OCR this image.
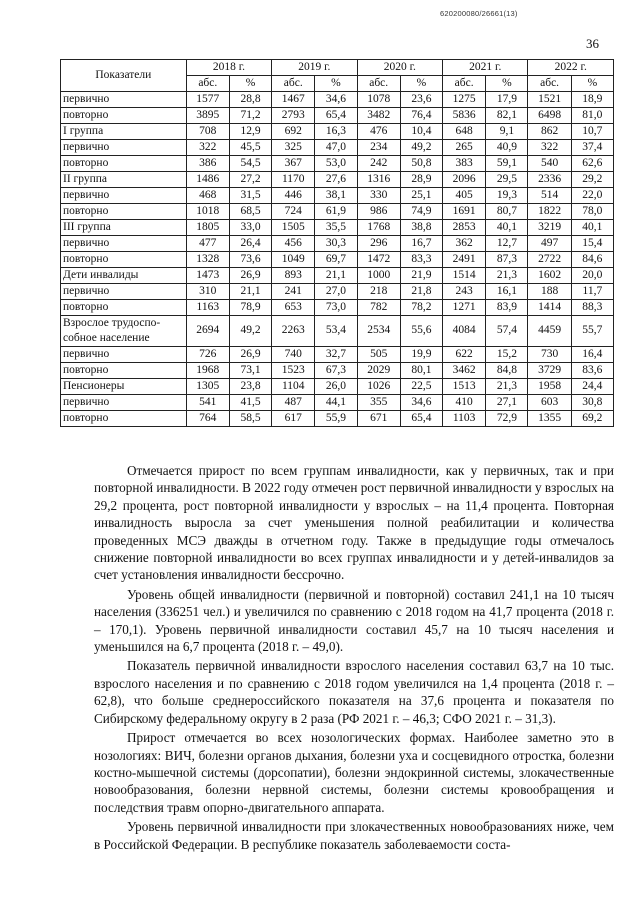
620200080/26661(13)
36
Показатели	2018 г.		2019 г.		2020 г.		2021 г.		2022 г.	
	абс.	%	абс.	%	абс.	%	абс.	%	абс.	%
первично	1577	28,8	1467	34,6	1078	23,6	1275	17,9	1521	18,9
повторно	3895	71,2	2793	65,4	3482	76,4	5836	82,1	6498	81,0
I группа	708	12,9	692	16,3	476	10,4	648	9,1	862	10,7
первично	322	45,5	325	47,0	234	49,2	265	40,9	322	37,4
повторно	386	54,5	367	53,0	242	50,8	383	59,1	540	62,6
II группа	1486	27,2	1170	27,6	1316	28,9	2096	29,5	2336	29,2
первично	468	31,5	446	38,1	330	25,1	405	19,3	514	22,0
повторно	1018	68,5	724	61,9	986	74,9	1691	80,7	1822	78,0
III группа	1805	33,0	1505	35,5	1768	38,8	2853	40,1	3219	40,1
первично	477	26,4	456	30,3	296	16,7	362	12,7	497	15,4
повторно	1328	73,6	1049	69,7	1472	83,3	2491	87,3	2722	84,6
Дети инвалиды	1473	26,9	893	21,1	1000	21,9	1514	21,3	1602	20,0
первично	310	21,1	241	27,0	218	21,8	243	16,1	188	11,7
повторно	1163	78,9	653	73,0	782	78,2	1271	83,9	1414	88,3
Взрослое трудоспо-собное население	2694	49,2	2263	53,4	2534	55,6	4084	57,4	4459	55,7
первично	726	26,9	740	32,7	505	19,9	622	15,2	730	16,4
повторно	1968	73,1	1523	67,3	2029	80,1	3462	84,8	3729	83,6
Пенсионеры	1305	23,8	1104	26,0	1026	22,5	1513	21,3	1958	24,4
первично	541	41,5	487	44,1	355	34,6	410	27,1	603	30,8
повторно	764	58,5	617	55,9	671	65,4	1103	72,9	1355	69,2

Отмечается прирост по всем группам инвалидности, как у первичных, так и при повторной инвалидности. В 2022 году отмечен рост первичной инвалидности у взрослых на 29,2 процента, рост повторной инвалидности у взрослых – на 11,4 процента. Повторная инвалидность выросла за счет уменьшения полной реабилитации и количества проведенных МСЭ дважды в отчетном году. Также в предыдущие годы отмечалось снижение повторной инвалидности во всех группах инвалидности и у детей-инвалидов за счет установления инвалидности бессрочно.

Уровень общей инвалидности (первичной и повторной) составил 241,1 на 10 тысяч населения (336251 чел.) и увеличился по сравнению с 2018 годом на 41,7 процента (2018 г. – 170,1). Уровень первичной инвалидности составил 45,7 на 10 тысяч населения и уменьшился на 6,7 процента (2018 г. – 49,0).

Показатель первичной инвалидности взрослого населения составил 63,7 на 10 тыс. взрослого населения и по сравнению с 2018 годом увеличился на 1,4 процента (2018 г. – 62,8), что больше среднероссийского показателя на 37,6 процента и показателя по Сибирскому федеральному округу в 2 раза (РФ 2021 г. – 46,3; СФО 2021 г. – 31,3).

Прирост отмечается во всех нозологических формах. Наиболее заметно это в нозологиях: ВИЧ, болезни органов дыхания, болезни уха и сосцевидного отростка, болезни костно-мышечной системы (дорсопатии), болезни эндокринной системы, злокачественные новообразования, болезни нервной системы, болезни системы кровообращения и последствия травм опорно-двигательного аппарата.

Уровень первичной инвалидности при злокачественных новообразованиях ниже, чем в Российской Федерации. В республике показатель заболеваемости соста-
